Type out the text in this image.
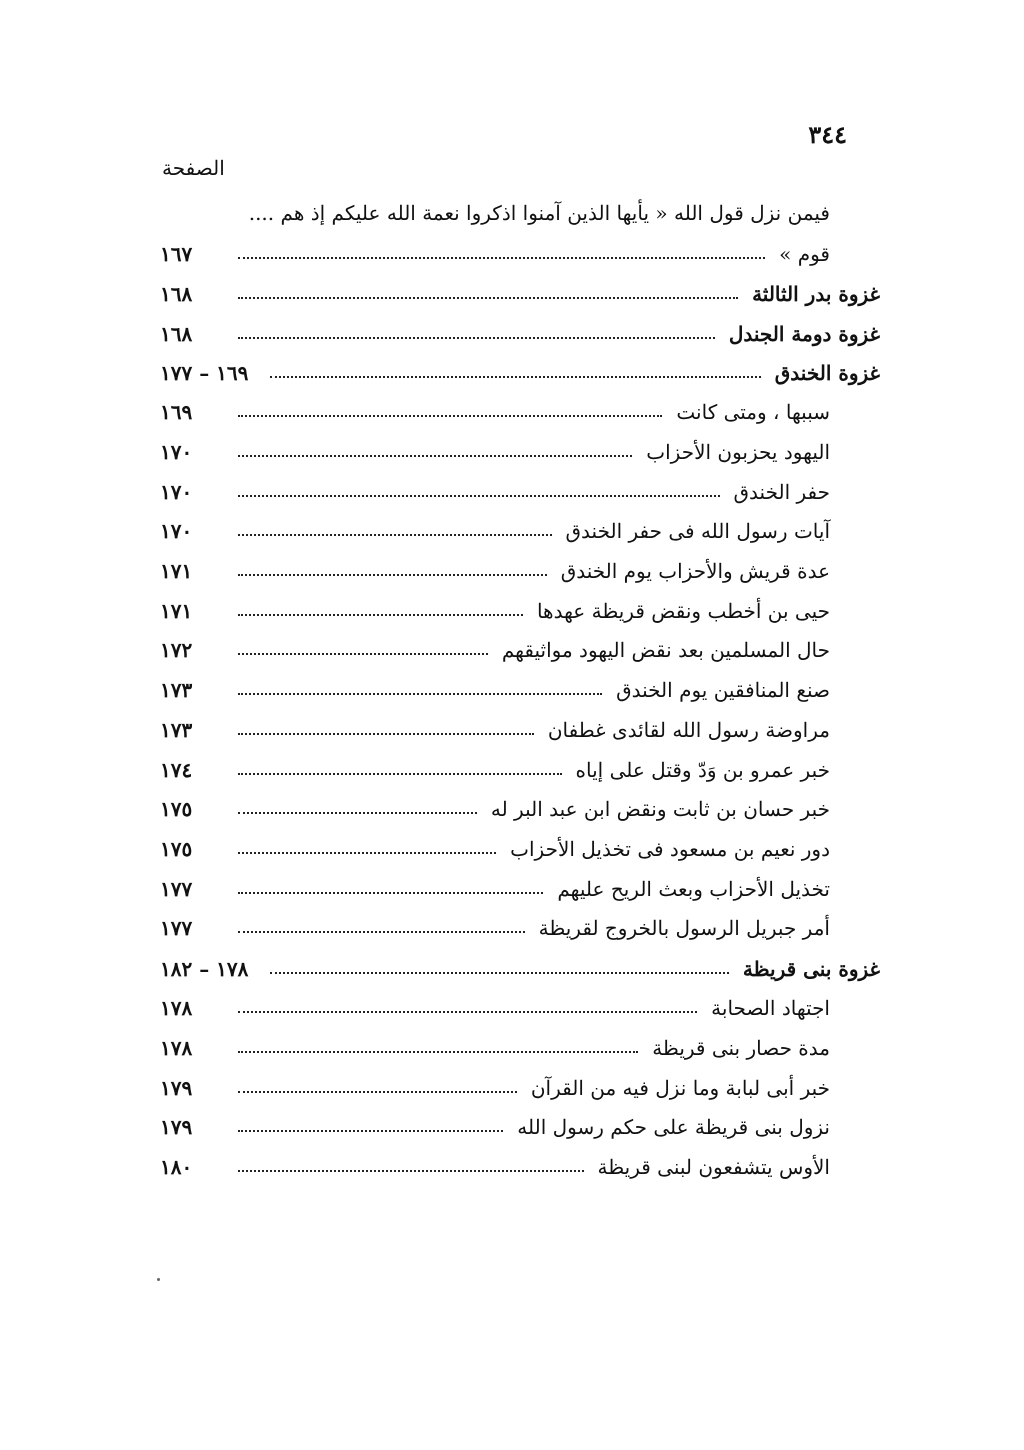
٣٤٤
الصفحة
فيمن نزل قول الله « يأيها الذين آمنوا اذكروا نعمة الله عليكم إذ هم ....
قوم »
١٦٧
غزوة بدر الثالثة
١٦٨
غزوة دومة الجندل
١٦٨
غزوة الخندق
١٦٩ – ١٧٧
سببها ، ومتى كانت
١٦٩
اليهود يحزبون الأحزاب
١٧٠
حفر الخندق
١٧٠
آيات رسول الله فى حفر الخندق
١٧٠
عدة قريش والأحزاب يوم الخندق
١٧١
حيى بن أخطب ونقض قريظة عهدها
١٧١
حال المسلمين بعد نقض اليهود مواثيقهم
١٧٢
صنع المنافقين يوم الخندق
١٧٣
مراوضة رسول الله لقائدى غطفان
١٧٣
خبر عمرو بن وَدّ وقتل على إياه
١٧٤
خبر حسان بن ثابت ونقض ابن عبد البر له
١٧٥
دور نعيم بن مسعود فى تخذيل الأحزاب
١٧٥
تخذيل الأحزاب وبعث الريح عليهم
١٧٧
أمر جبريل الرسول بالخروج لقريظة
١٧٧
غزوة بنى قريظة
١٧٨ – ١٨٢
اجتهاد الصحابة
١٧٨
مدة حصار بنى قريظة
١٧٨
خبر أبى لبابة وما نزل فيه من القرآن
١٧٩
نزول بنى قريظة على حكم رسول الله
١٧٩
الأوس يتشفعون لبنى قريظة
١٨٠
